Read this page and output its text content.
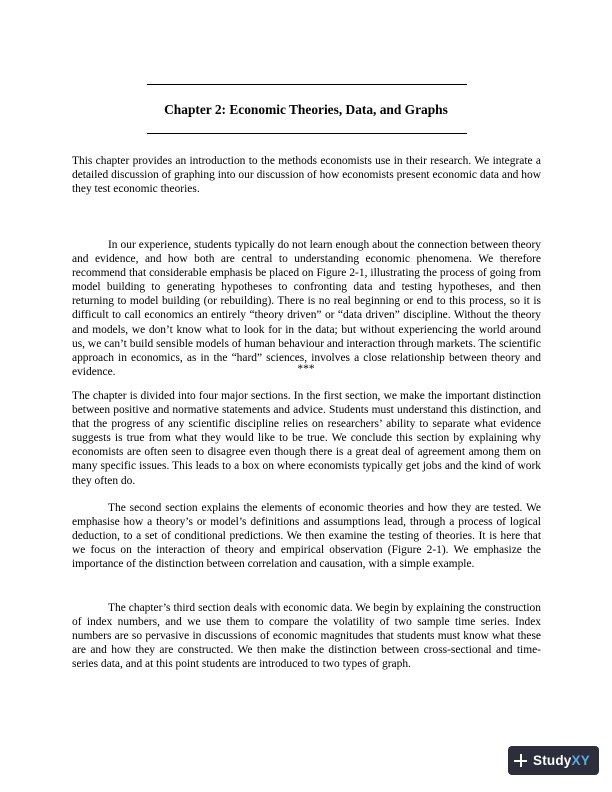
Chapter 2: Economic Theories, Data, and Graphs

This chapter provides an introduction to the methods economists use in their research. We integrate a detailed discussion of graphing into our discussion of how economists present economic data and how they test economic theories.

In our experience, students typically do not learn enough about the connection between theory and evidence, and how both are central to understanding economic phenomena. We therefore recommend that considerable emphasis be placed on Figure 2-1, illustrating the process of going from model building to generating hypotheses to confronting data and testing hypotheses, and then returning to model building (or rebuilding). There is no real beginning or end to this process, so it is difficult to call economics an entirely “theory driven” or “data driven” discipline. Without the theory and models, we don’t know what to look for in the data; but without experiencing the world around us, we can’t build sensible models of human behaviour and interaction through markets. The scientific approach in economics, as in the “hard” sciences, involves a close relationship between theory and evidence.	***

The chapter is divided into four major sections. In the first section, we make the important distinction between positive and normative statements and advice. Students must understand this distinction, and that the progress of any scientific discipline relies on researchers’ ability to separate what evidence suggests is true from what they would like to be true. We conclude this section by explaining why economists are often seen to disagree even though there is a great deal of agreement among them on many specific issues. This leads to a box on where economists typically get jobs and the kind of work they often do.

The second section explains the elements of economic theories and how they are tested. We emphasise how a theory’s or model’s definitions and assumptions lead, through a process of logical deduction, to a set of conditional predictions. We then examine the testing of theories. It is here that we focus on the interaction of theory and empirical observation (Figure 2-1). We emphasize the importance of the distinction between correlation and causation, with a simple example.

The chapter’s third section deals with economic data. We begin by explaining the construction of index numbers, and we use them to compare the volatility of two sample time series. Index numbers are so pervasive in discussions of economic magnitudes that students must know what these are and how they are constructed. We then make the distinction between cross-sectional and time-series data, and at this point students are introduced to two types of graph.

StudyXY
